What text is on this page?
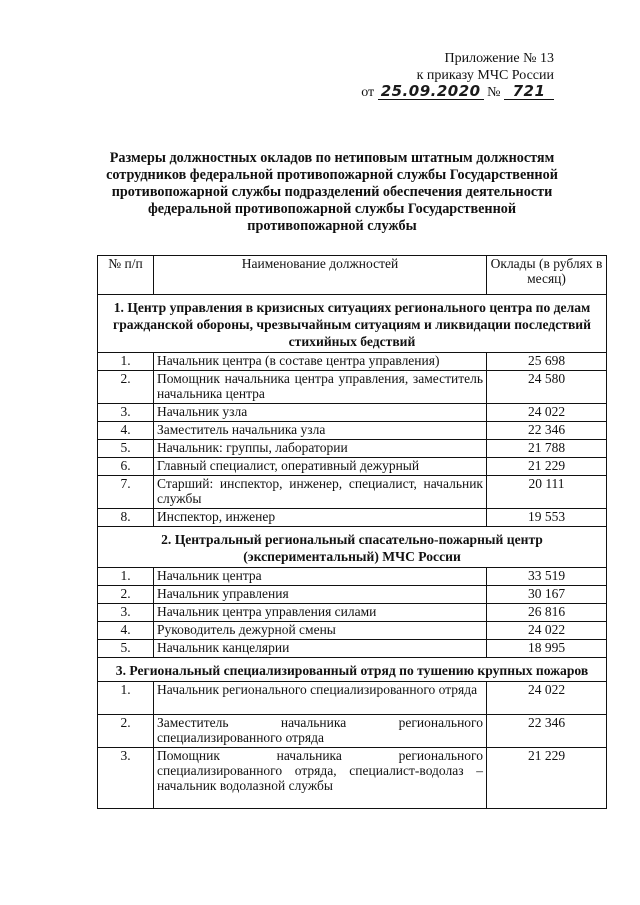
Приложение № 13
к приказу МЧС России
от 25.09.2020 № 721
Размеры должностных окладов по нетиповым штатным должностям сотрудников федеральной противопожарной службы Государственной противопожарной службы подразделений обеспечения деятельности федеральной противопожарной службы Государственной противопожарной службы
№ п/п	Наименование должностей	Оклады (в рублях в месяц)
1. Центр управления в кризисных ситуациях регионального центра по делам гражданской обороны, чрезвычайным ситуациям и ликвидации последствий стихийных бедствий		
1.	Начальник центра (в составе центра управления)	25 698
2.	Помощник начальника центра управления, заместитель начальника центра	24 580
3.	Начальник узла	24 022
4.	Заместитель начальника узла	22 346
5.	Начальник: группы, лаборатории	21 788
6.	Главный специалист, оперативный дежурный	21 229
7.	Старший: инспектор, инженер, специалист, начальник службы	20 111
8.	Инспектор, инженер	19 553
2. Центральный региональный спасательно-пожарный центр (экспериментальный) МЧС России		
1.	Начальник центра	33 519
2.	Начальник управления	30 167
3.	Начальник центра управления силами	26 816
4.	Руководитель дежурной смены	24 022
5.	Начальник канцелярии	18 995
3. Региональный специализированный отряд по тушению крупных пожаров		
1.	Начальник регионального специализированного отряда	24 022
2.	Заместитель начальника регионального специализированного отряда	22 346
3.	Помощник начальника регионального специализированного отряда, специалист-водолаз – начальник водолазной службы	21 229
